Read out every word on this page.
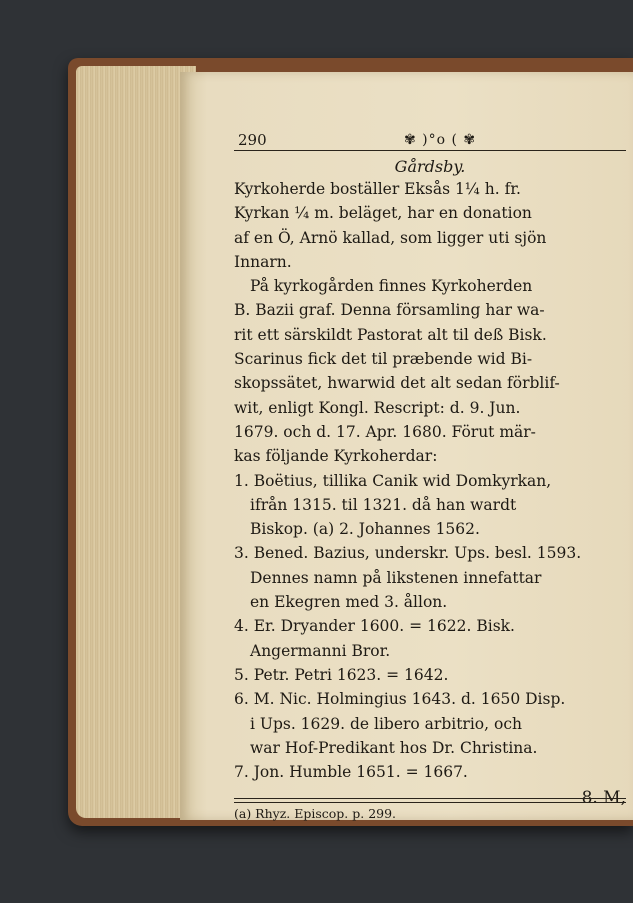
290	✾ )°o ( ✾
Gårdsby.
Kyrkoherde boställer Eksås 1¼ h. fr.
Kyrkan ¼ m. beläget, har en donation
af en Ö, Arnö kallad, som ligger uti sjön
Innarn.
På kyrkogården finnes Kyrkoherden
B. Bazii graf. Denna församling har wa-
rit ett särskildt Pastorat alt til deß Bisk.
Scarinus fick det til præbende wid Bi-
skopssätet, hwarwid det alt sedan förblif-
wit, enligt Kongl. Rescript: d. 9. Jun.
1679. och d. 17. Apr. 1680. Förut mär-
kas följande Kyrkoherdar:
1. Boëtius, tillika Canik wid Domkyrkan,
ifrån 1315. til 1321. då han wardt
Biskop. (a) 2. Johannes 1562.
3. Bened. Bazius, underskr. Ups. besl. 1593.
Dennes namn på likstenen innefattar
en Ekegren med 3. ållon.
4. Er. Dryander 1600. = 1622. Bisk.
Angermanni Bror.
5. Petr. Petri 1623. = 1642.
6. M. Nic. Holmingius 1643. d. 1650 Disp.
i Ups. 1629. de libero arbitrio, och
war Hof-Predikant hos Dr. Christina.
7. Jon. Humble 1651. = 1667.
8. M,
(a) Rhyz. Episcop. p. 299.
